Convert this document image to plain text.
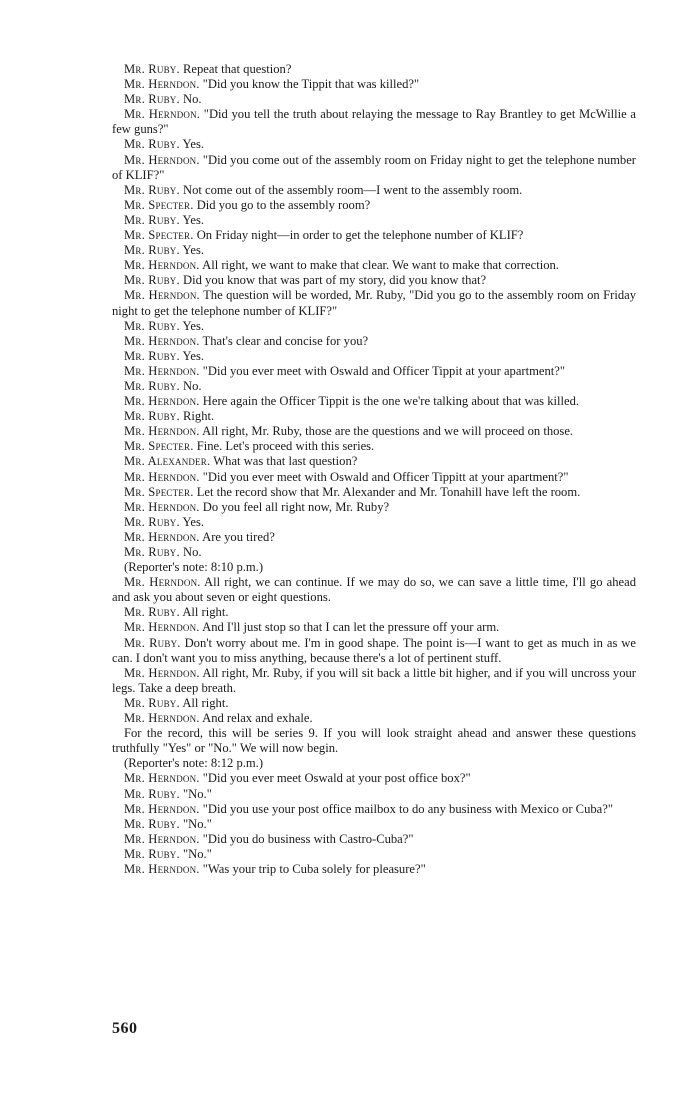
Mr. Ruby. Repeat that question?

Mr. Herndon. "Did you know the Tippit that was killed?"

Mr. Ruby. No.

Mr. Herndon. "Did you tell the truth about relaying the message to Ray Brantley to get McWillie a few guns?"

Mr. Ruby. Yes.

Mr. Herndon. "Did you come out of the assembly room on Friday night to get the telephone number of KLIF?"

Mr. Ruby. Not come out of the assembly room—I went to the assembly room.

Mr. Specter. Did you go to the assembly room?

Mr. Ruby. Yes.

Mr. Specter. On Friday night—in order to get the telephone number of KLIF?

Mr. Ruby. Yes.

Mr. Herndon. All right, we want to make that clear. We want to make that correction.

Mr. Ruby. Did you know that was part of my story, did you know that?

Mr. Herndon. The question will be worded, Mr. Ruby, "Did you go to the assembly room on Friday night to get the telephone number of KLIF?"

Mr. Ruby. Yes.

Mr. Herndon. That's clear and concise for you?

Mr. Ruby. Yes.

Mr. Herndon. "Did you ever meet with Oswald and Officer Tippit at your apartment?"

Mr. Ruby. No.

Mr. Herndon. Here again the Officer Tippit is the one we're talking about that was killed.

Mr. Ruby. Right.

Mr. Herndon. All right, Mr. Ruby, those are the questions and we will proceed on those.

Mr. Specter. Fine. Let's proceed with this series.

Mr. Alexander. What was that last question?

Mr. Herndon. "Did you ever meet with Oswald and Officer Tippitt at your apartment?"

Mr. Specter. Let the record show that Mr. Alexander and Mr. Tonahill have left the room.

Mr. Herndon. Do you feel all right now, Mr. Ruby?

Mr. Ruby. Yes.

Mr. Herndon. Are you tired?

Mr. Ruby. No.

(Reporter's note: 8:10 p.m.)

Mr. Herndon. All right, we can continue. If we may do so, we can save a little time, I'll go ahead and ask you about seven or eight questions.

Mr. Ruby. All right.

Mr. Herndon. And I'll just stop so that I can let the pressure off your arm.

Mr. Ruby. Don't worry about me. I'm in good shape. The point is—I want to get as much in as we can. I don't want you to miss anything, because there's a lot of pertinent stuff.

Mr. Herndon. All right, Mr. Ruby, if you will sit back a little bit higher, and if you will uncross your legs. Take a deep breath.

Mr. Ruby. All right.

Mr. Herndon. And relax and exhale.

For the record, this will be series 9. If you will look straight ahead and answer these questions truthfully "Yes" or "No." We will now begin.

(Reporter's note: 8:12 p.m.)

Mr. Herndon. "Did you ever meet Oswald at your post office box?"

Mr. Ruby. "No."

Mr. Herndon. "Did you use your post office mailbox to do any business with Mexico or Cuba?"

Mr. Ruby. "No."

Mr. Herndon. "Did you do business with Castro-Cuba?"

Mr. Ruby. "No."

Mr. Herndon. "Was your trip to Cuba solely for pleasure?"

560
